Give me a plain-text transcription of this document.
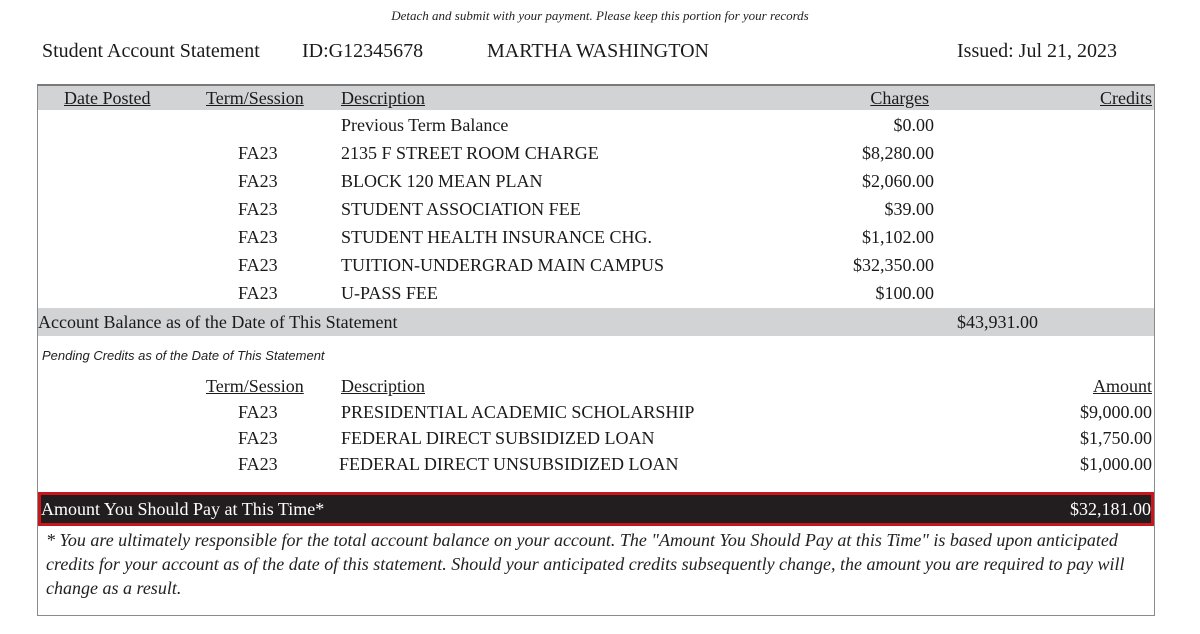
Detach and submit with your payment. Please keep this portion for your records
Student Account Statement ID:G12345678	MARTHA WASHINGTON	Issued: Jul 21, 2023
Date Posted	Term/Session Description	Charges	Credits
Previous Term Balance	$0.00
FA23	2135 F STREET ROOM CHARGE	$8,280.00
FA23	BLOCK 120 MEAN PLAN	$2,060.00
FA23	STUDENT ASSOCIATION FEE	$39.00
FA23	STUDENT HEALTH INSURANCE CHG.	$1,102.00
FA23	TUITION-UNDERGRAD MAIN CAMPUS	$32,350.00
FA23	U-PASS FEE	$100.00
Account Balance as of the Date of This Statement	$43,931.00
Pending Credits as of the Date of This Statement
Term/Session Description	Amount
FA23	PRESIDENTIAL ACADEMIC SCHOLARSHIP	$9,000.00
FA23	FEDERAL DIRECT SUBSIDIZED LOAN	$1,750.00
FA23	FEDERAL DIRECT UNSUBSIDIZED LOAN	$1,000.00
Amount You Should Pay at This Time*	$32,181.00
* You are ultimately responsible for the total account balance on your account. The "Amount You Should Pay at this Time" is based upon anticipated credits for your account as of the date of this statement. Should your anticipated credits subsequently change, the amount you are required to pay will change as a result.
